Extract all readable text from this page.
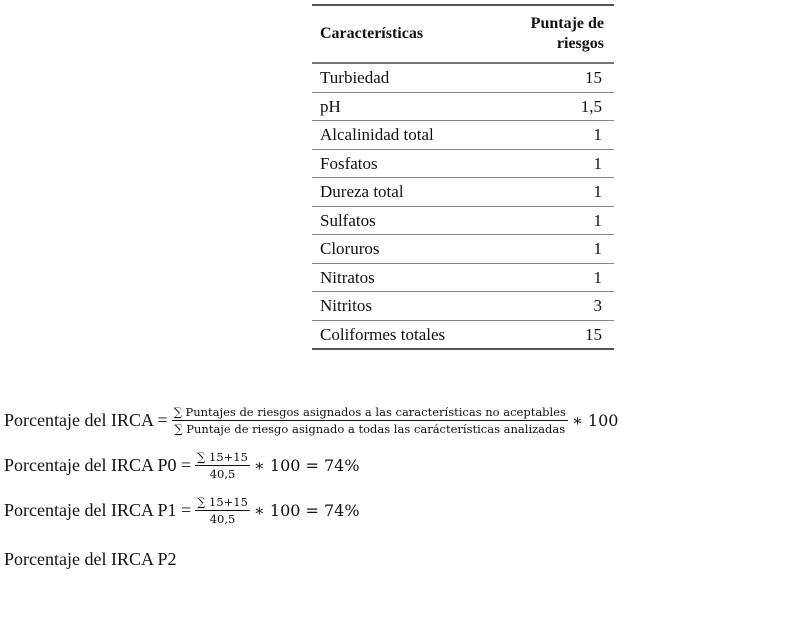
Características	Puntaje de riesgos
Turbiedad	15
pH	1,5
Alcalinidad total	1
Fosfatos	1
Dureza total	1
Sulfatos	1
Cloruros	1
Nitratos	1
Nitritos	3
Coliformes totales	15
Porcentaje del IRCA = ∑ Puntajes de riesgos asignados a las características no aceptables
∑ Puntaje de riesgo asignado a todas las carácterísticas analizadas ∗ 100
Porcentaje del IRCA $P0 = \frac{\sum 15+15}{40,5}$ ∗ 100 = 74%
Porcentaje del IRCA $P1 = \frac{\sum 15+15}{40,5}$ ∗ 100 = 74%
Porcentaje del IRCA P2
